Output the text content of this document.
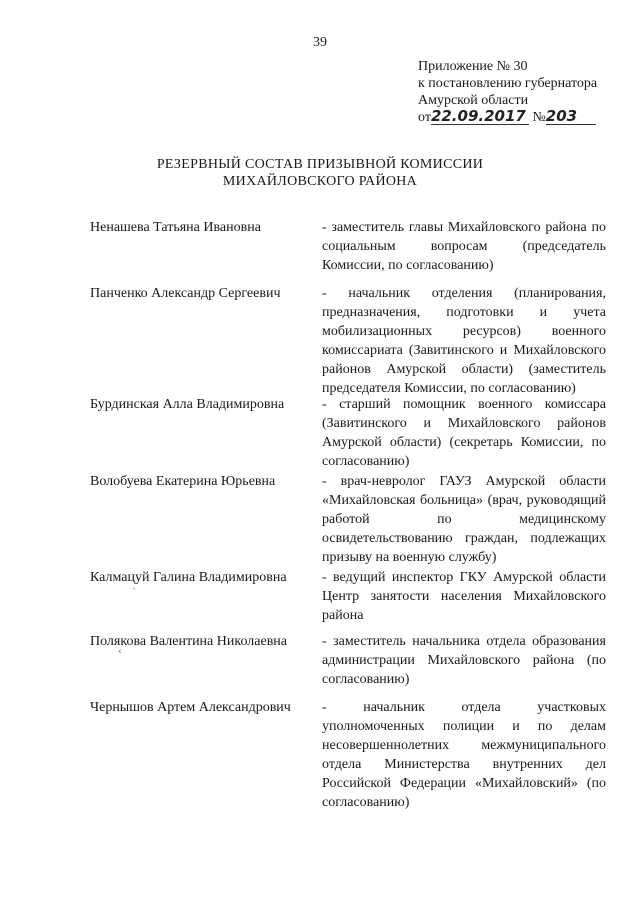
39
Приложение № 30
к постановлению губернатора
Амурской области
от22.09.2017 №203
РЕЗЕРВНЫЙ СОСТАВ ПРИЗЫВНОЙ КОМИССИИ
МИХАЙЛОВСКОГО РАЙОНА
Ненашева Татьяна Ивановна	- заместитель главы Михайловского района по социальным вопросам (председатель Комиссии, по согласованию)
Панченко Александр Сергеевич	- начальник отделения (планирования, предназначения, подготовки и учета мобилизационных ресурсов) военного комиссариата (Завитинского и Михайловского районов Амурской области) (заместитель председателя Комиссии, по согласованию)
Бурдинская Алла Владимировна	- старший помощник военного комиссара (Завитинского и Михайловского районов Амурской области) (секретарь Комиссии, по согласованию)
Волобуева Екатерина Юрьевна	- врач-невролог ГАУЗ Амурской области «Михайловская больница» (врач, руководящий работой по медицинскому освидетельствованию граждан, подлежащих призыву на военную службу)
Калмацуй Галина Владимировна	- ведущий инспектор ГКУ Амурской области Центр занятости населения Михайловского района
Полякова Валентина Николаевна - заместитель начальника отдела образования администрации Михайловского района (по согласованию)
Чернышов Артем Александрович - начальник отдела участковых уполномоченных полиции и по делам несовершеннолетних межмуниципального отдела Министерства внутренних дел Российской Федерации «Михайловский» (по согласованию)
`
‹
